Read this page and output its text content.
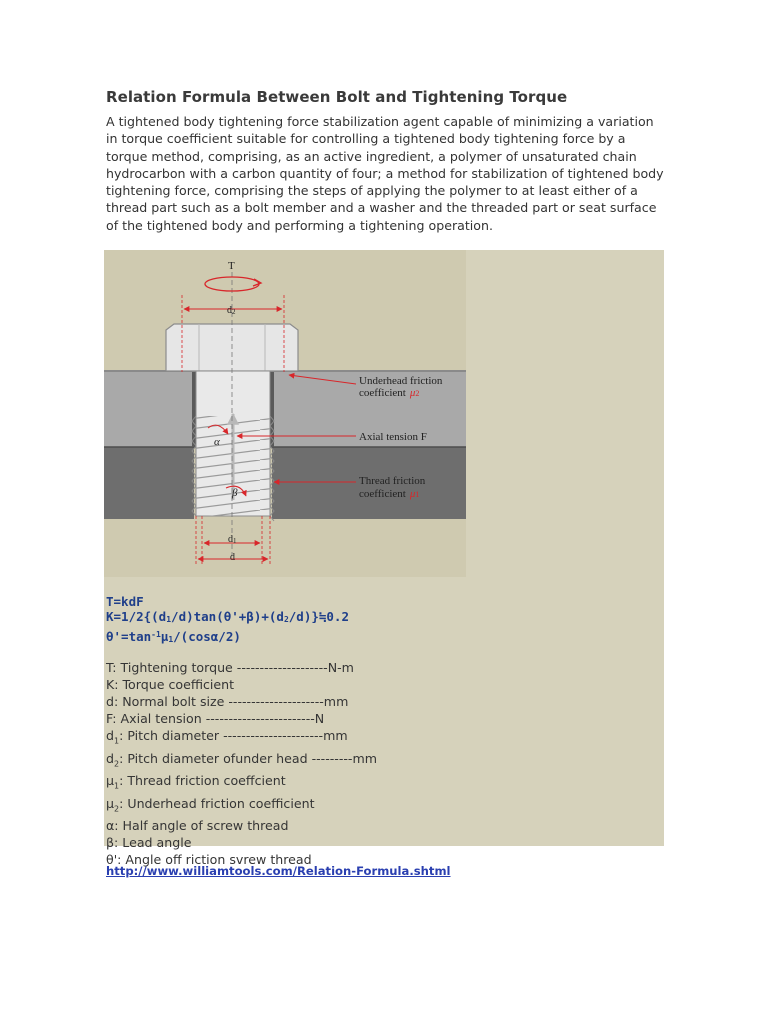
Relation Formula Between Bolt and Tightening Torque

A tightened body tightening force stabilization agent capable of minimizing a variation in torque coefficient suitable for controlling a tightened body tightening force by a torque method, comprising, as an active ingredient, a polymer of unsaturated chain hydrocarbon with a carbon quantity of four; a method for stabilization of tightened body tightening force, comprising the steps of applying the polymer to at least either of a thread part such as a bolt member and a washer and the threaded part or seat surface of the tightened body and performing a tightening operation.

T
d2
d1
d
α
β
Underhead friction
coefficient μ2
Axial tension F
Thread friction
coefficient μ1
T=kdF
$K=1/2\{(d_1/d)\tan(\theta'+\beta)+(d_2/d)\}≒0.2$
$\theta'=\tan^{-1}\mu_1/(\cos\alpha/2)$
T: Tightening torque --------------------N-m
K: Torque coefficient
d: Normal bolt size ---------------------mm
F: Axial tension ------------------------N
$d_1$: Pitch diameter ----------------------mm
$d_2$: Pitch diameter ofunder head ---------mm
$\mu_1$: Thread friction coeffcient
$\mu_2$: Underhead friction coefficient
α: Half angle of screw thread
β: Lead angle
θ': Angle off riction svrew thread
http://www.williamtools.com/Relation-Formula.shtml
